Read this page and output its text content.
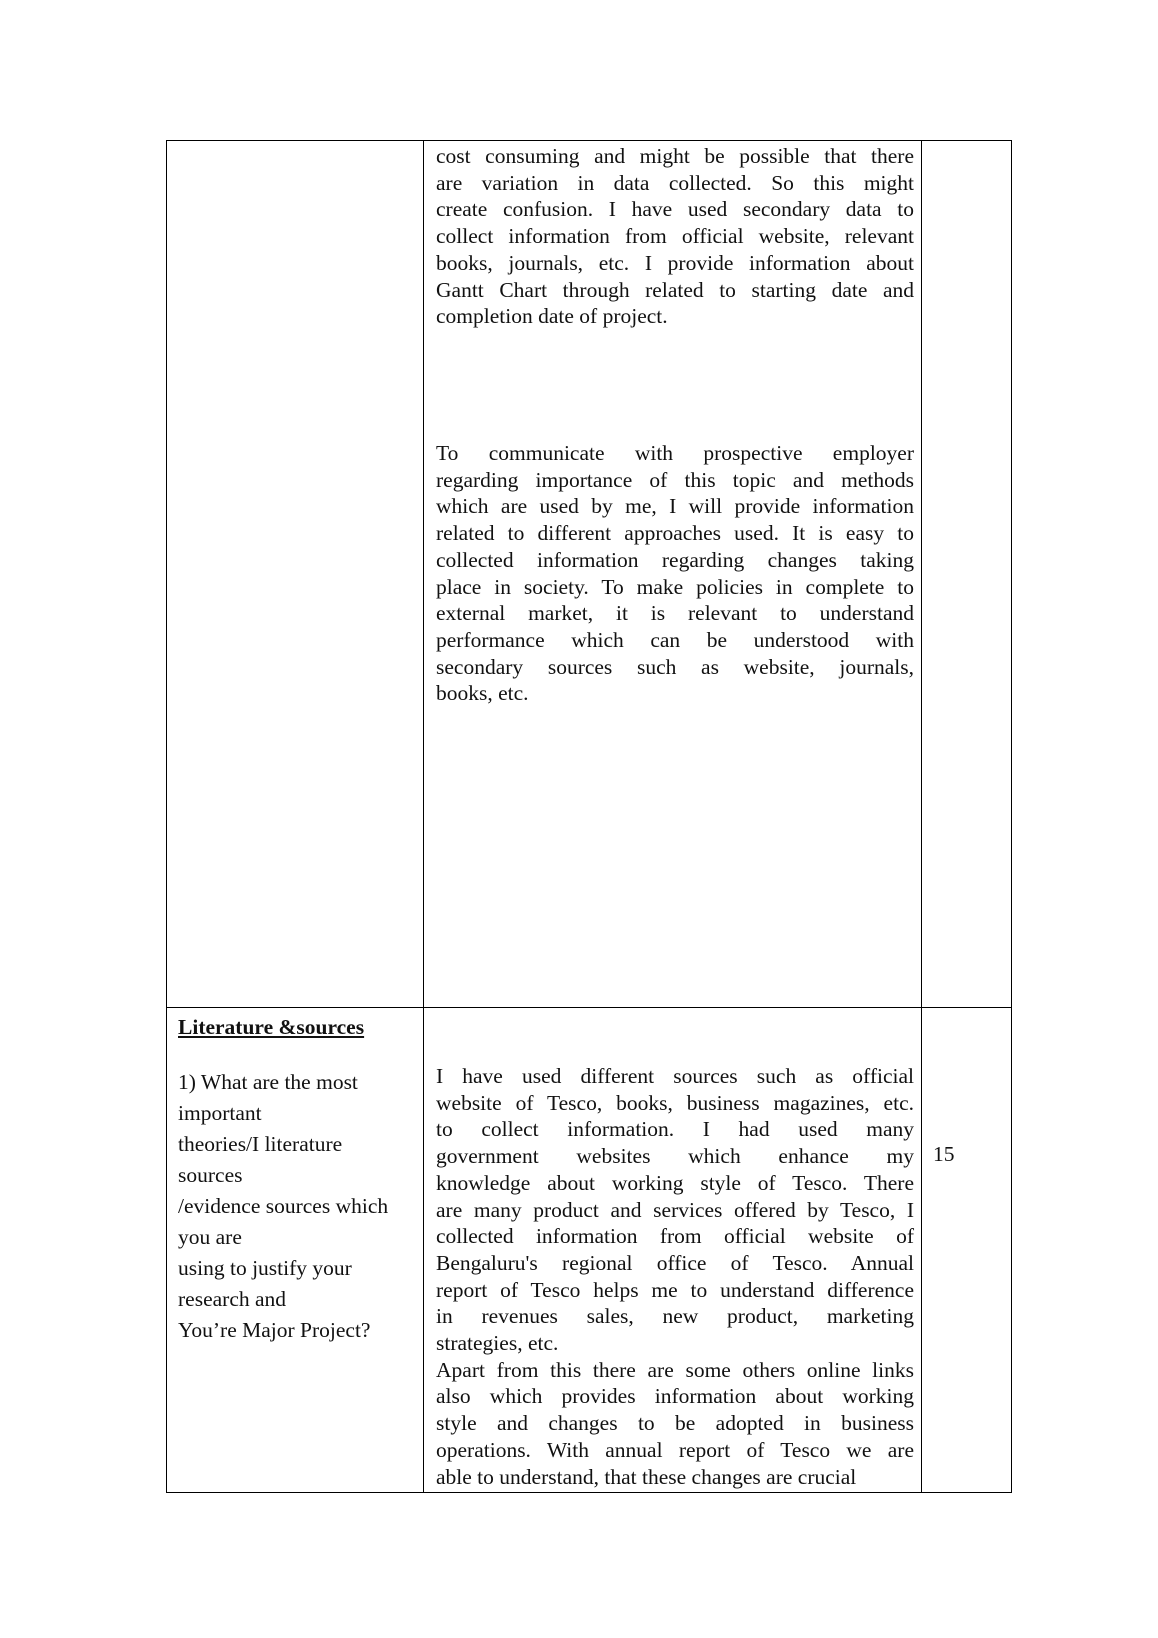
cost consuming and might be possible that there
are variation in data collected. So this might
create confusion. I have used secondary data to
collect information from official website, relevant
books, journals, etc. I provide information about
Gantt Chart through related to starting date and
completion date of project.
To communicate with prospective employer
regarding importance of this topic and methods
which are used by me, I will provide information
related to different approaches used. It is easy to
collected information regarding changes taking
place in society. To make policies in complete to
external market, it is relevant to understand
performance which can be understood with
secondary sources such as website, journals,
books, etc.
Literature &sources
1) What are the most
important
theories/I literature
sources
/evidence sources which
you are
using to justify your
research and
You’re Major Project?
I have used different sources such as official
website of Tesco, books, business magazines, etc.
to collect information. I had used many
government websites which enhance my
knowledge about working style of Tesco. There
are many product and services offered by Tesco, I
collected information from official website of
Bengaluru's regional office of Tesco. Annual
report of Tesco helps me to understand difference
in revenues sales, new product, marketing
strategies, etc.
Apart from this there are some others online links
also which provides information about working
style and changes to be adopted in business
operations. With annual report of Tesco we are
able to understand, that these changes are crucial
15
